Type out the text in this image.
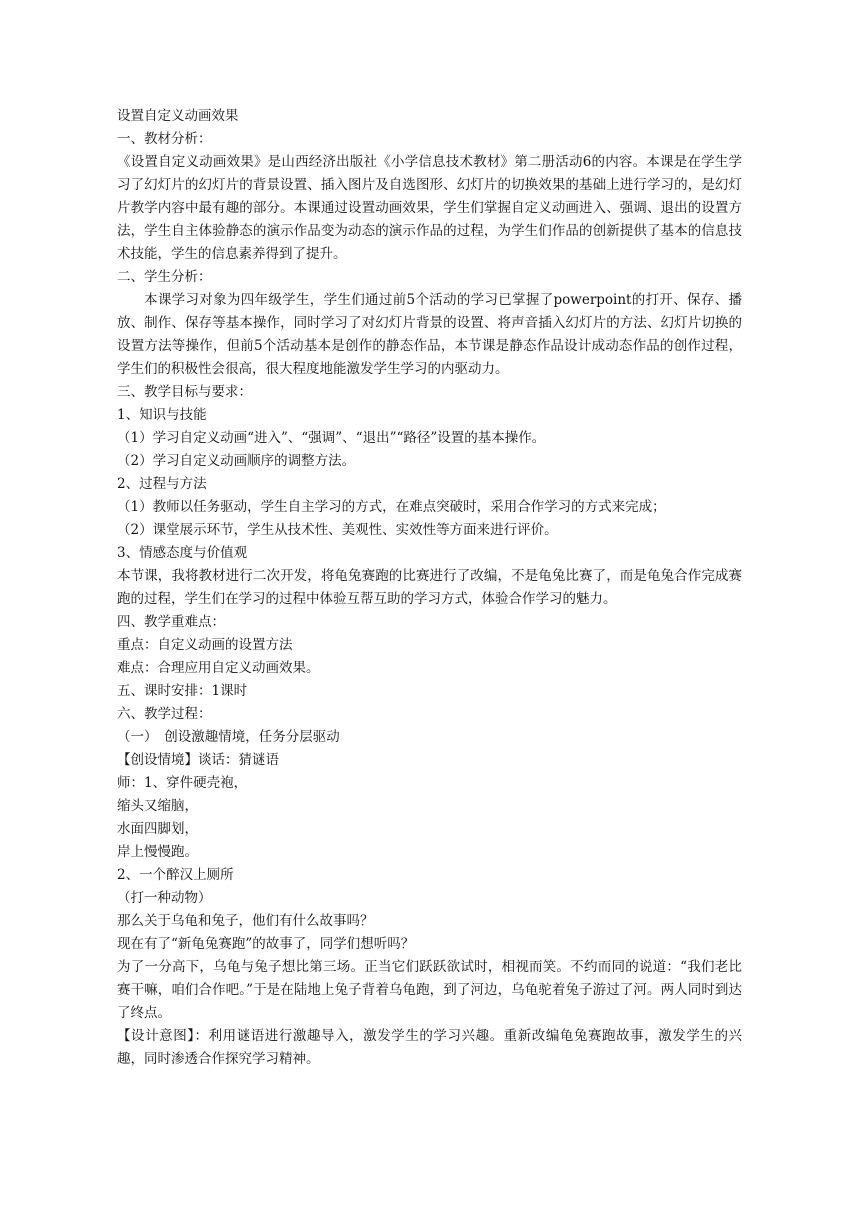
设置自定义动画效果

一、教材分析：

《设置自定义动画效果》是山西经济出版社《小学信息技术教材》第二册活动6的内容。本课是在学生学习了幻灯片的幻灯片的背景设置、插入图片及自选图形、幻灯片的切换效果的基础上进行学习的，是幻灯片教学内容中最有趣的部分。本课通过设置动画效果，学生们掌握自定义动画进入、强调、退出的设置方法，学生自主体验静态的演示作品变为动态的演示作品的过程，为学生们作品的创新提供了基本的信息技术技能，学生的信息素养得到了提升。

二、学生分析：

本课学习对象为四年级学生，学生们通过前5个活动的学习已掌握了powerpoint的打开、保存、播放、制作、保存等基本操作，同时学习了对幻灯片背景的设置、将声音插入幻灯片的方法、幻灯片切换的设置方法等操作，但前5个活动基本是创作的静态作品，本节课是静态作品设计成动态作品的创作过程，学生们的积极性会很高，很大程度地能激发学生学习的内驱动力。

三、教学目标与要求：

1、知识与技能

（1）学习自定义动画“进入”、“强调”、“退出”“路径”设置的基本操作。

（2）学习自定义动画顺序的调整方法。

2、过程与方法

（1）教师以任务驱动，学生自主学习的方式，在难点突破时，采用合作学习的方式来完成；

（2）课堂展示环节，学生从技术性、美观性、实效性等方面来进行评价。

3、情感态度与价值观

本节课，我将教材进行二次开发，将龟兔赛跑的比赛进行了改编，不是龟兔比赛了，而是龟兔合作完成赛跑的过程，学生们在学习的过程中体验互帮互助的学习方式，体验合作学习的魅力。

四、教学重难点：

重点：自定义动画的设置方法

难点：合理应用自定义动画效果。

五、课时安排：1课时

六、教学过程：

（一）　创设激趣情境，任务分层驱动

【创设情境】谈话：猜谜语

师：1、穿件硬壳袍，

缩头又缩脑，

水面四脚划，

岸上慢慢跑。

2、一个醉汉上厕所

（打一种动物）

那么关于乌龟和兔子，他们有什么故事吗？

现在有了“新龟兔赛跑”的故事了，同学们想听吗？

为了一分高下，乌龟与兔子想比第三场。正当它们跃跃欲试时，相视而笑。不约而同的说道：“我们老比赛干嘛，咱们合作吧。”于是在陆地上兔子背着乌龟跑，到了河边，乌龟驼着兔子游过了河。两人同时到达了终点。

【设计意图】：利用谜语进行激趣导入，激发学生的学习兴趣。重新改编龟兔赛跑故事，激发学生的兴趣，同时渗透合作探究学习精神。
